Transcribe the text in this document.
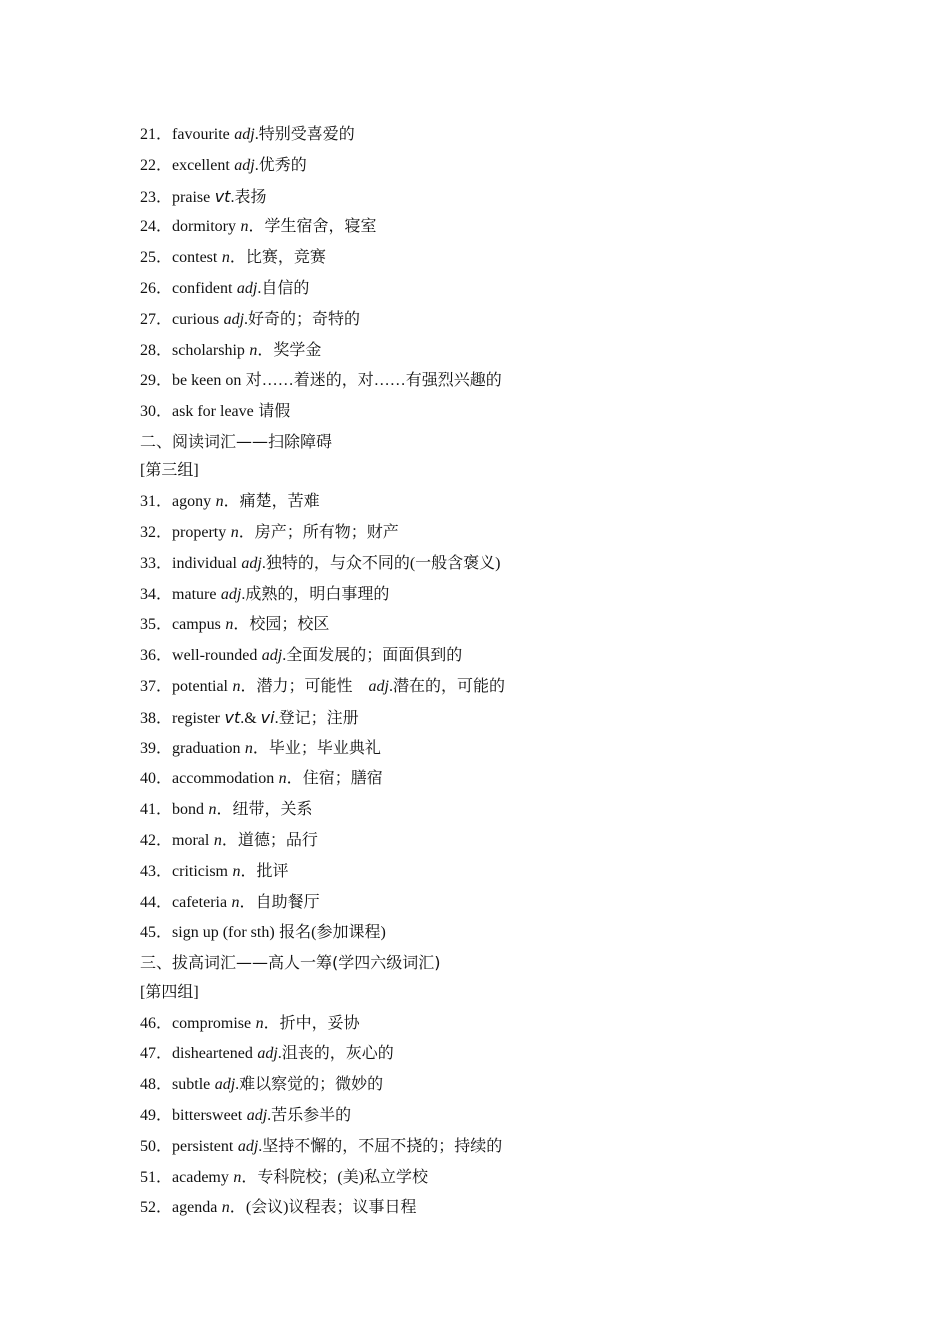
21．favourite adj.特别受喜爱的
22．excellent adj.优秀的
23．praise vt.表扬
24．dormitory n．学生宿舍，寝室
25．contest n．比赛，竞赛
26．confident adj.自信的
27．curious adj.好奇的；奇特的
28．scholarship n．奖学金
29．be keen on 对……着迷的，对……有强烈兴趣的
30．ask for leave 请假
二、阅读词汇——扫除障碍
[第三组]
31．agony n．痛楚，苦难
32．property n．房产；所有物；财产
33．individual adj.独特的，与众不同的(一般含褒义)
34．mature adj.成熟的，明白事理的
35．campus n．校园；校区
36．well-rounded adj.全面发展的；面面俱到的
37．potential n．潜力；可能性 adj.潜在的，可能的
38．register vt.& vi.登记；注册
39．graduation n．毕业；毕业典礼
40．accommodation n．住宿；膳宿
41．bond n．纽带，关系
42．moral n．道德；品行
43．criticism n．批评
44．cafeteria n．自助餐厅
45．sign up (for sth) 报名(参加课程)
三、拔高词汇——高人一筹(学四六级词汇)
[第四组]
46．compromise n．折中，妥协
47．disheartened adj.沮丧的，灰心的
48．subtle adj.难以察觉的；微妙的
49．bittersweet adj.苦乐参半的
50．persistent adj.坚持不懈的，不屈不挠的；持续的
51．academy n．专科院校；(美)私立学校
52．agenda n．(会议)议程表；议事日程
